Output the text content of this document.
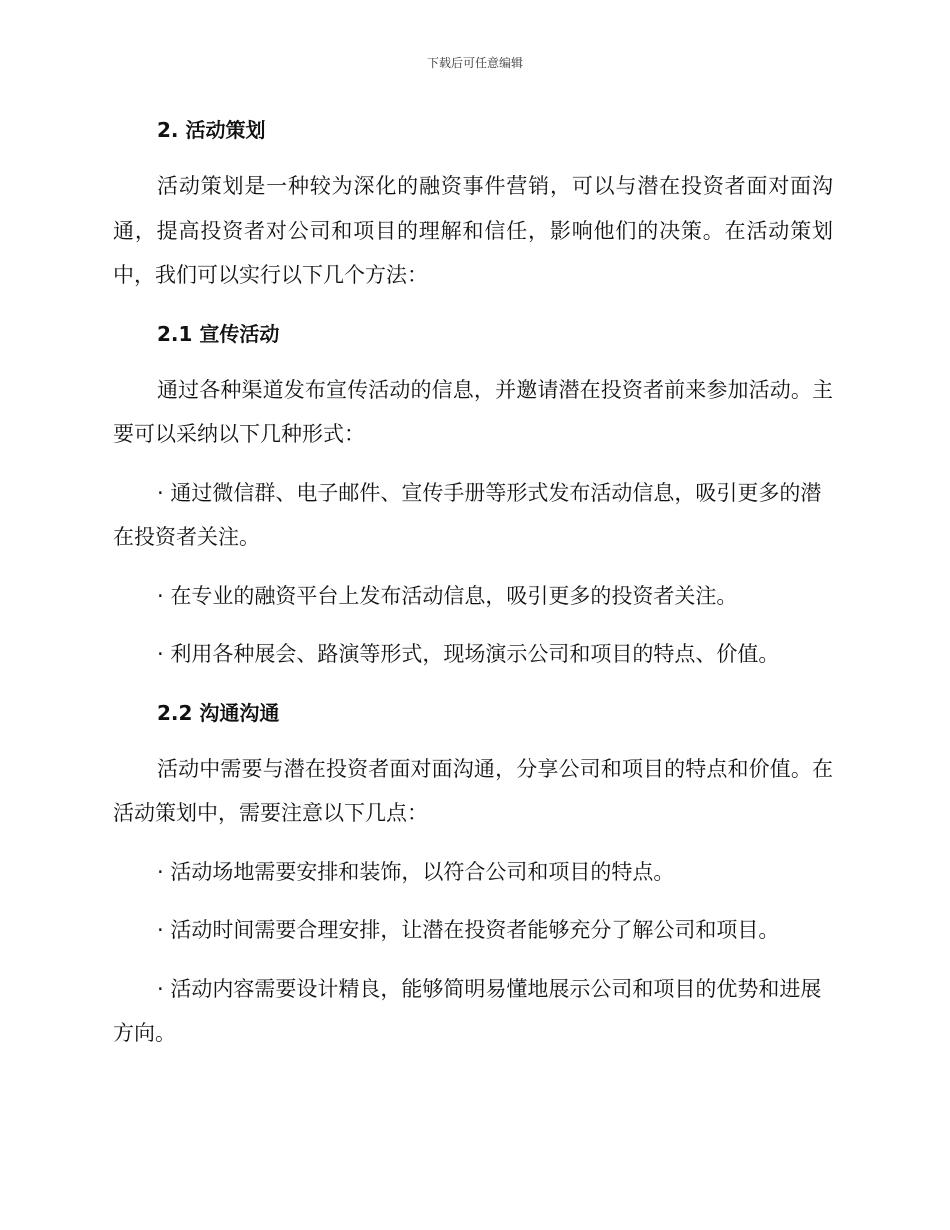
下载后可任意编辑
2. 活动策划
活动策划是一种较为深化的融资事件营销，可以与潜在投资者面对面沟通，提高投资者对公司和项目的理解和信任，影响他们的决策。在活动策划中，我们可以实行以下几个方法：
2.1 宣传活动
通过各种渠道发布宣传活动的信息，并邀请潜在投资者前来参加活动。主要可以采纳以下几种形式：
· 通过微信群、电子邮件、宣传手册等形式发布活动信息，吸引更多的潜在投资者关注。
· 在专业的融资平台上发布活动信息，吸引更多的投资者关注。
· 利用各种展会、路演等形式，现场演示公司和项目的特点、价值。
2.2 沟通沟通
活动中需要与潜在投资者面对面沟通，分享公司和项目的特点和价值。在活动策划中，需要注意以下几点：
· 活动场地需要安排和装饰，以符合公司和项目的特点。
· 活动时间需要合理安排，让潜在投资者能够充分了解公司和项目。
· 活动内容需要设计精良，能够简明易懂地展示公司和项目的优势和进展方向。
